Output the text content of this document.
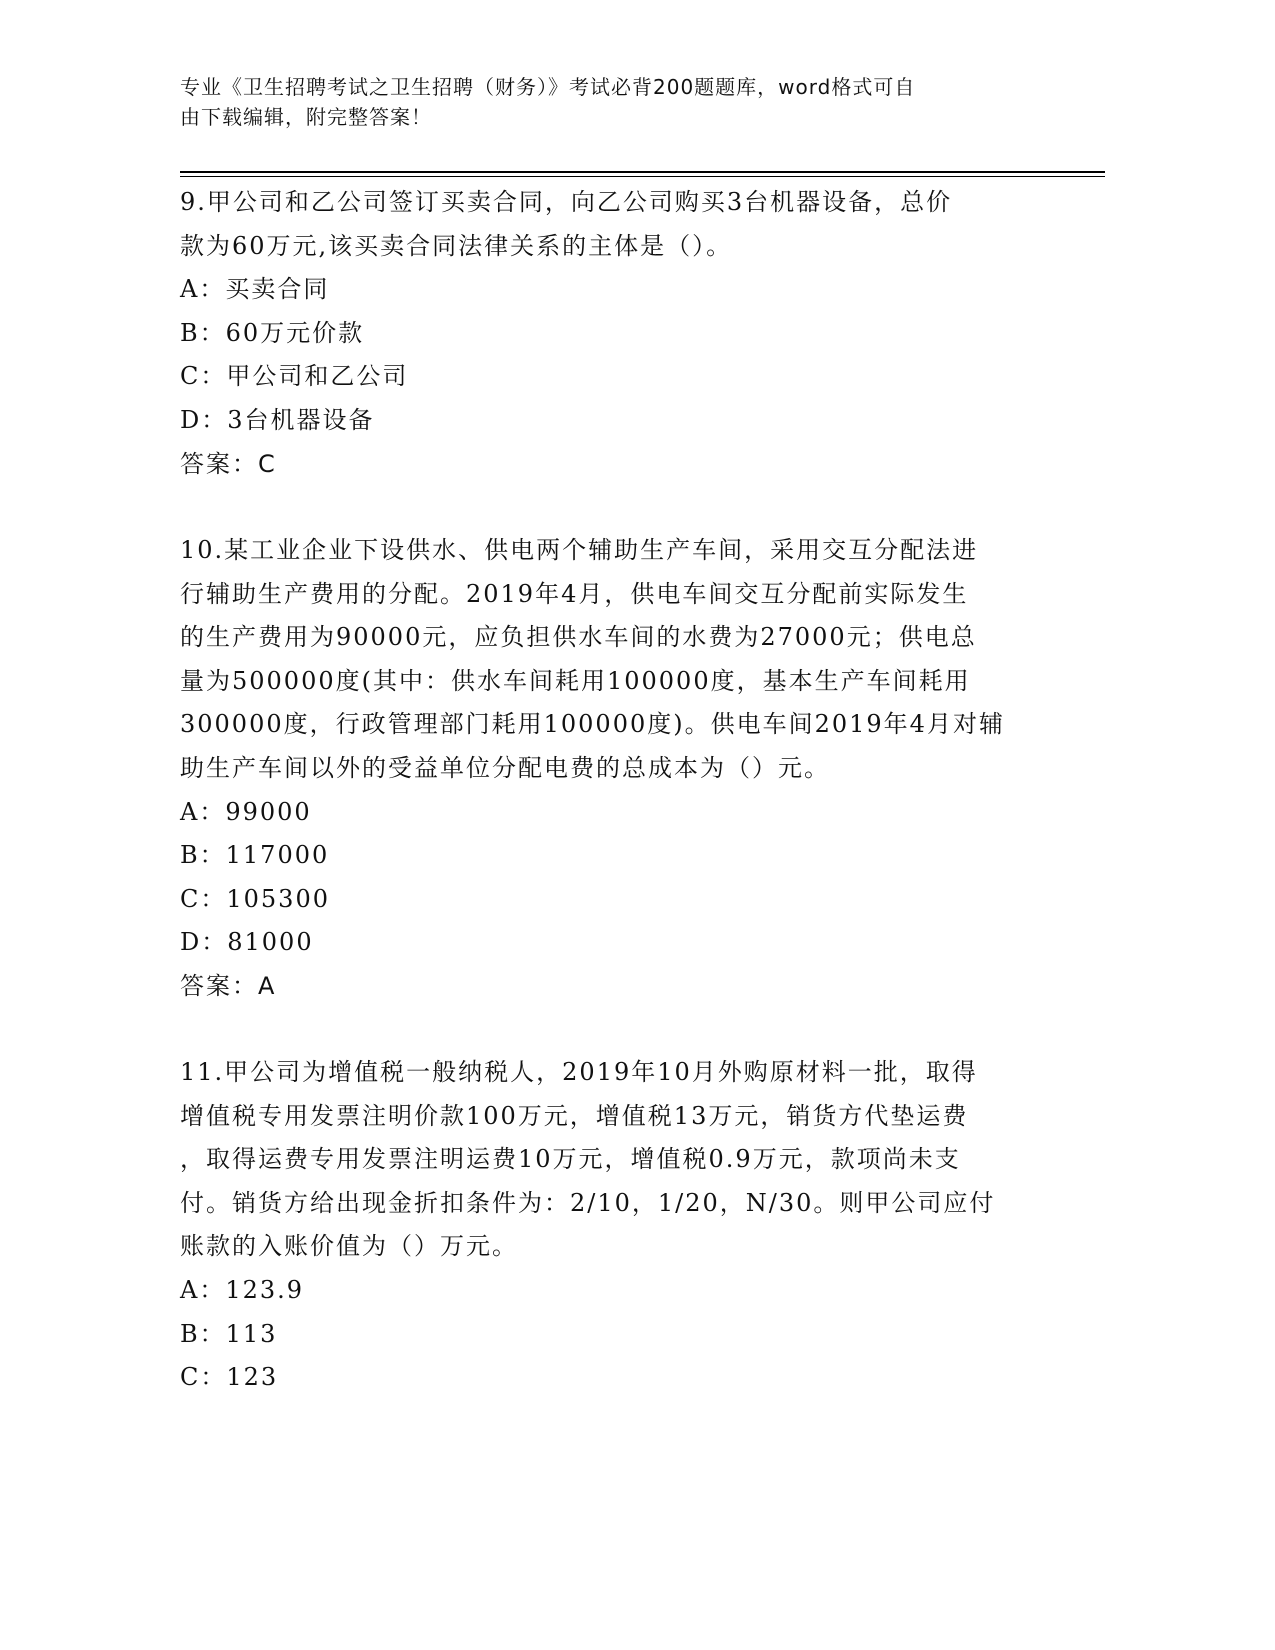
专业《卫生招聘考试之卫生招聘（财务）》考试必背200题题库，word格式可自
由下载编辑，附完整答案！
9.甲公司和乙公司签订买卖合同，向乙公司购买3台机器设备，总价
款为60万元,该买卖合同法律关系的主体是（）。
A：买卖合同
B：60万元价款
C：甲公司和乙公司
D：3台机器设备
答案：C
10.某工业企业下设供水、供电两个辅助生产车间，采用交互分配法进
行辅助生产费用的分配。2019年4月，供电车间交互分配前实际发生
的生产费用为90000元，应负担供水车间的水费为27000元；供电总
量为500000度(其中：供水车间耗用100000度，基本生产车间耗用
300000度，行政管理部门耗用100000度)。供电车间2019年4月对辅
助生产车间以外的受益单位分配电费的总成本为（）元。
A：99000
B：117000
C：105300
D：81000
答案：A
11.甲公司为增值税一般纳税人，2019年10月外购原材料一批，取得
增值税专用发票注明价款100万元，增值税13万元，销货方代垫运费
，取得运费专用发票注明运费10万元，增值税0.9万元，款项尚未支
付。销货方给出现金折扣条件为：2/10，1/20，N/30。则甲公司应付
账款的入账价值为（）万元。
A：123.9
B：113
C：123
